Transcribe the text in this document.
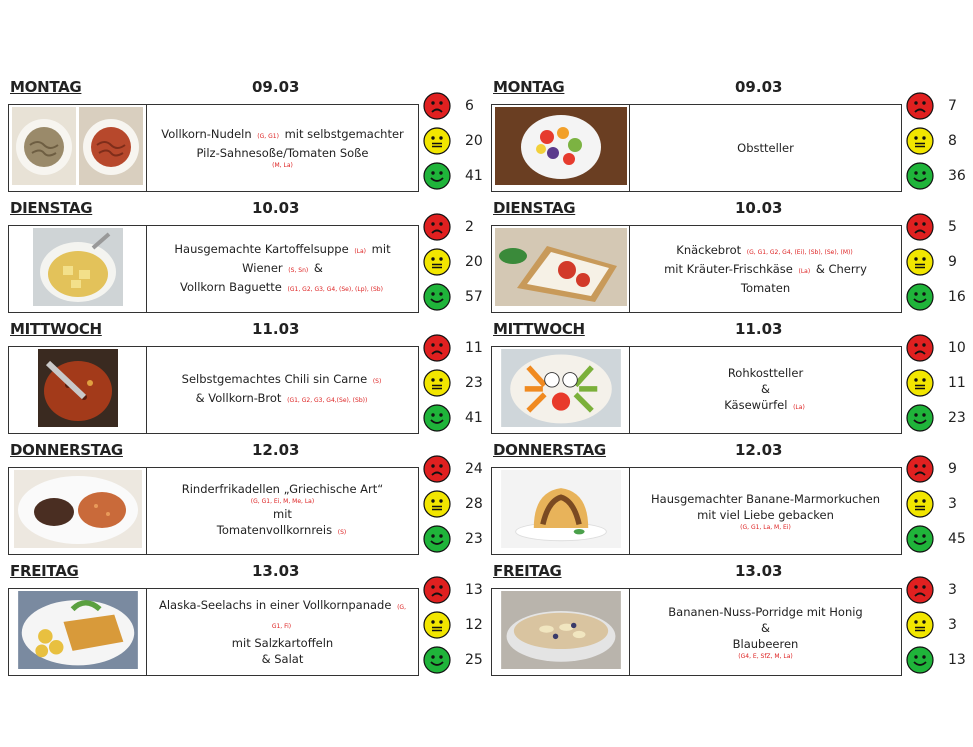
MONTAG	09.03
Vollkorn-Nudeln (G, G1) mit selbstgemachter
Pilz-Sahnesoße/Tomaten Soße
(M, La)
6
20
41
DIENSTAG	10.03
Hausgemachte Kartoffelsuppe (La) mit
Wiener (S, Sn) &
Vollkorn Baguette (G1, G2, G3, G4, (Se), (Lp), (Sb)
2
20
57
MITTWOCH	11.03
Selbstgemachtes Chili sin Carne (S)
& Vollkorn-Brot (G1, G2, G3, G4,(Se), (Sb))
11
23
41
DONNERSTAG	12.03
Rinderfrikadellen „Griechische Art“
(G, G1, Ei, M, Me, La)
mit
Tomatenvollkornreis (S)
24
28
23
FREITAG	13.03
Alaska-Seelachs in einer Vollkornpanade (G, G1, Fi)
mit Salzkartoffeln
& Salat
13
12
25
MONTAG	09.03
Obstteller
7
8
36
DIENSTAG	10.03
Knäckebrot (G, G1, G2, G4, (Ei), (Sb), (Se), (M))
mit Kräuter-Frischkäse (La) & Cherry
Tomaten
5
9
16
MITTWOCH	11.03
Rohkostteller
&
Käsewürfel (La)
10
11
23
DONNERSTAG	12.03
Hausgemachter Banane-Marmorkuchen
mit viel Liebe gebacken
(G, G1, La, M, Ei)
9
3
45
FREITAG	13.03
Bananen-Nuss-Porridge mit Honig
&
Blaubeeren
(G4, E, SfZ, M, La)
3
3
13
